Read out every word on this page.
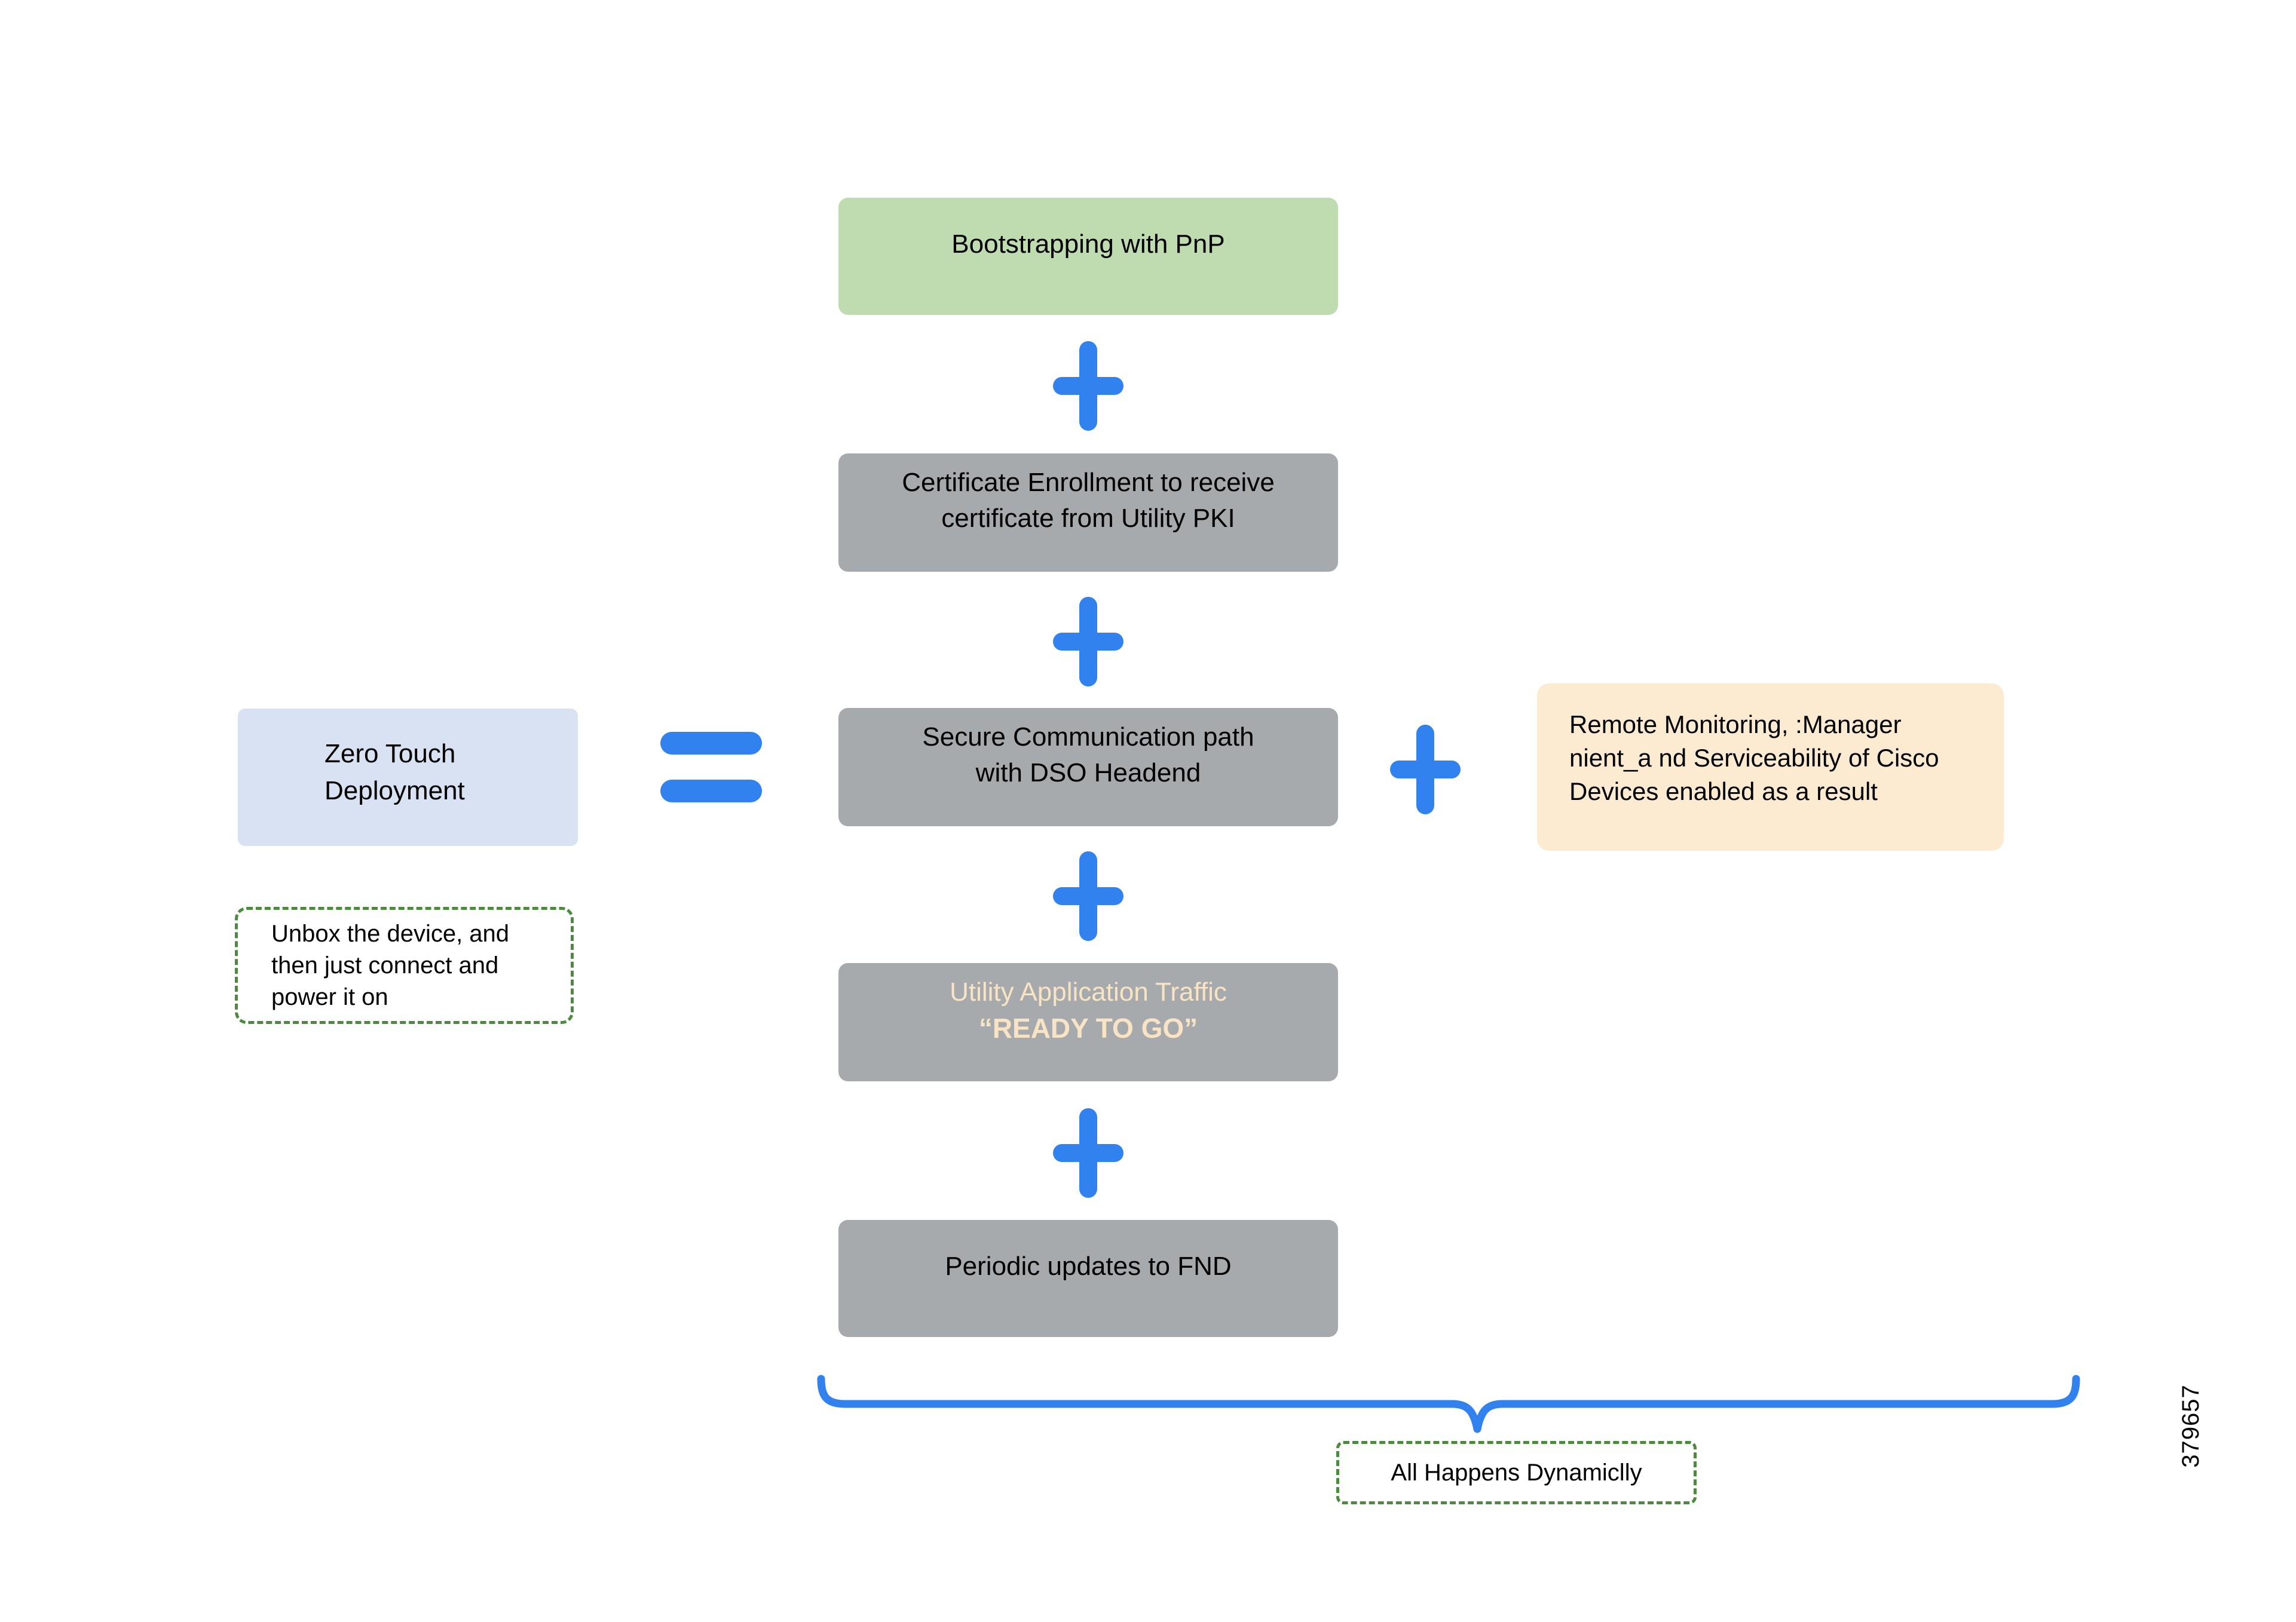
Zero Touch
Deployment
Unbox the device, and
then just connect and
power it on
Bootstrapping with PnP
Certificate Enrollment to receive
certificate from Utility PKI
Secure Communication path
with DSO Headend
Utility Application Traffic
“READY TO GO”
Periodic updates to FND
Remote Monitoring, :Manager
nient_a nd Serviceability of Cisco
Devices enabled as a result
All Happens Dynamiclly
379657
